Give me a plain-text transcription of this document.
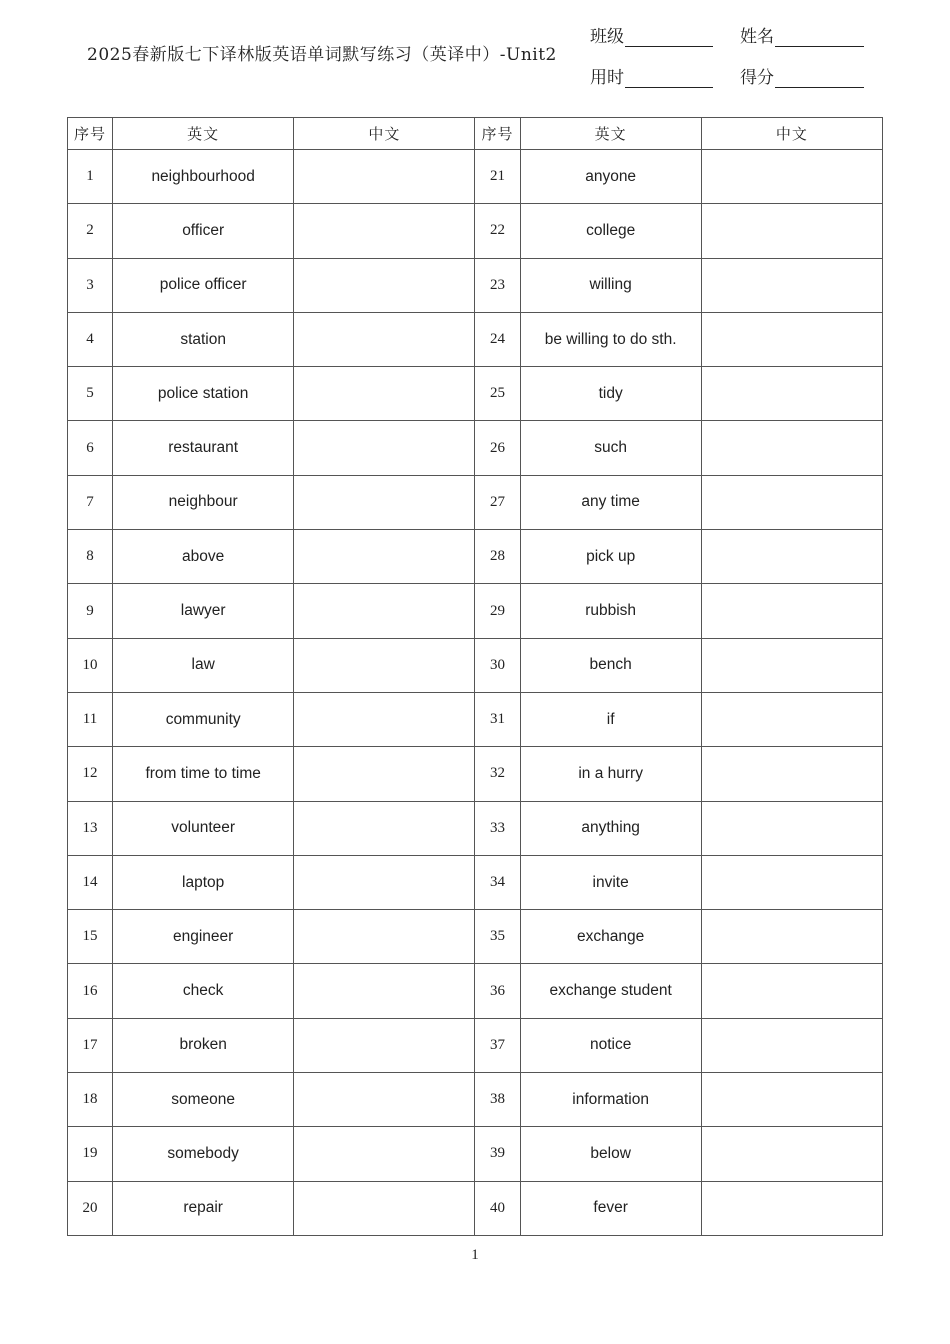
2025春新版七下译林版英语单词默写练习（英译中）-Unit2
班级	姓名
用时	得分
序号	英文	中文	序号	英文	中文
1	neighbourhood		21	anyone	
2	officer		22	college	
3	police officer		23	willing	
4	station		24	be willing to do sth.	
5	police station		25	tidy	
6	restaurant		26	such	
7	neighbour		27	any time	
8	above		28	pick up	
9	lawyer		29	rubbish	
10	law		30	bench	
11	community		31	if	
12	from time to time		32	in a hurry	
13	volunteer		33	anything	
14	laptop		34	invite	
15	engineer		35	exchange	
16	check		36	exchange student	
17	broken		37	notice	
18	someone		38	information	
19	somebody		39	below	
20	repair		40	fever	
1
